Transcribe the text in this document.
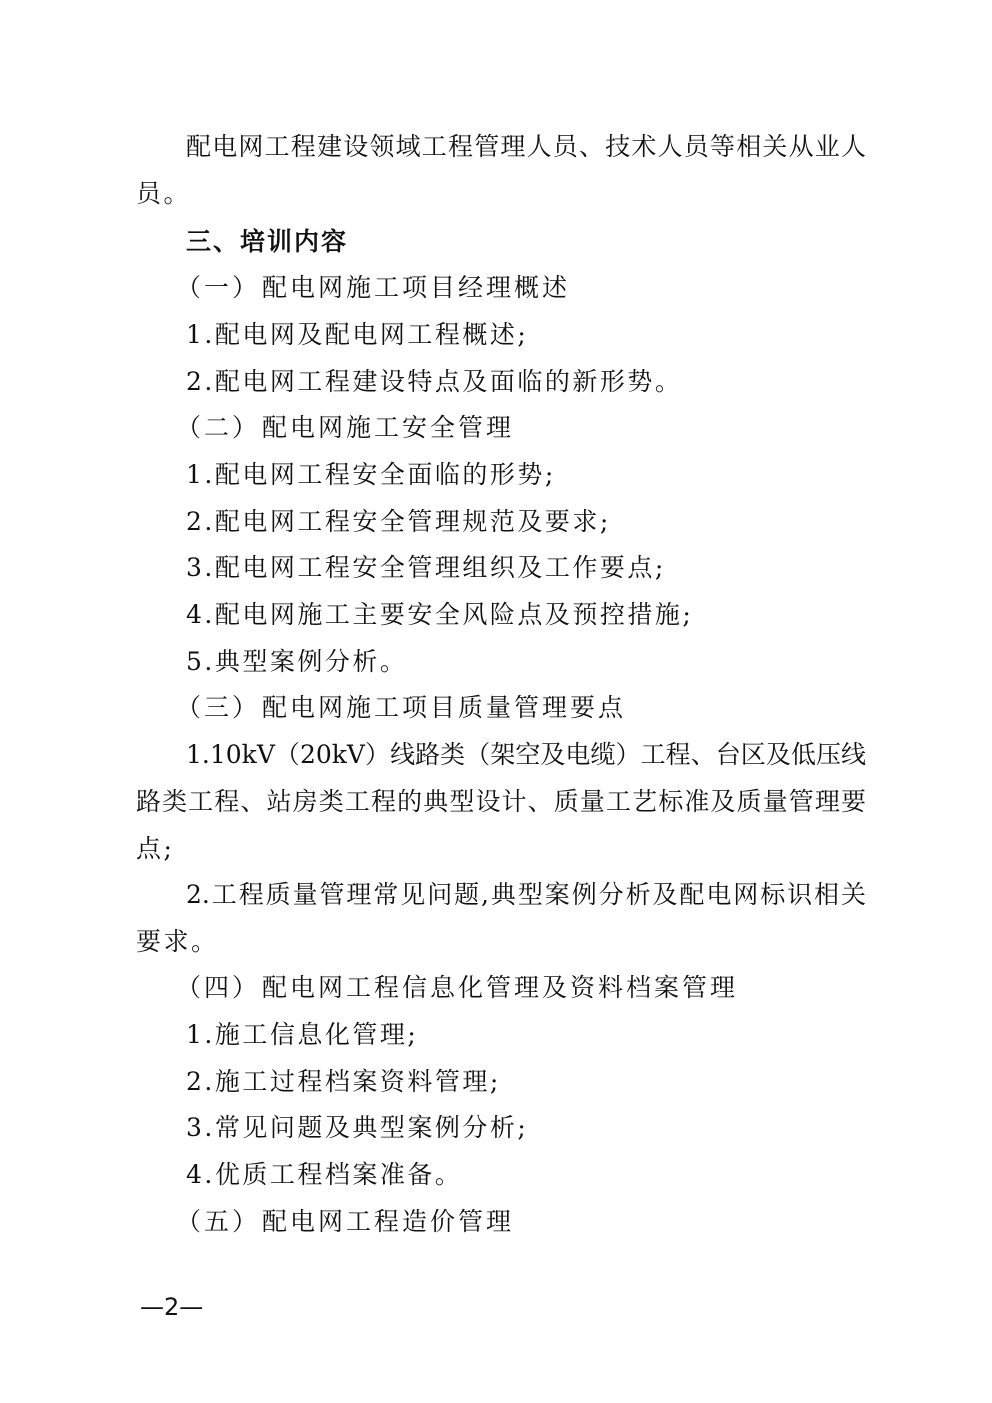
配电网工程建设领域工程管理人员、技术人员等相关从业人
员。
三、培训内容
（一）配电网施工项目经理概述
1.配电网及配电网工程概述;
2.配电网工程建设特点及面临的新形势。
（二）配电网施工安全管理
1.配电网工程安全面临的形势;
2.配电网工程安全管理规范及要求;
3.配电网工程安全管理组织及工作要点;
4.配电网施工主要安全风险点及预控措施;
5.典型案例分析。
（三）配电网施工项目质量管理要点
1.10kV（20kV）线路类（架空及电缆）工程、台区及低压线
路类工程、站房类工程的典型设计、质量工艺标准及质量管理要
点;
2.工程质量管理常见问题,典型案例分析及配电网标识相关
要求。
（四）配电网工程信息化管理及资料档案管理
1.施工信息化管理;
2.施工过程档案资料管理;
3.常见问题及典型案例分析;
4.优质工程档案准备。
（五）配电网工程造价管理
—2—
